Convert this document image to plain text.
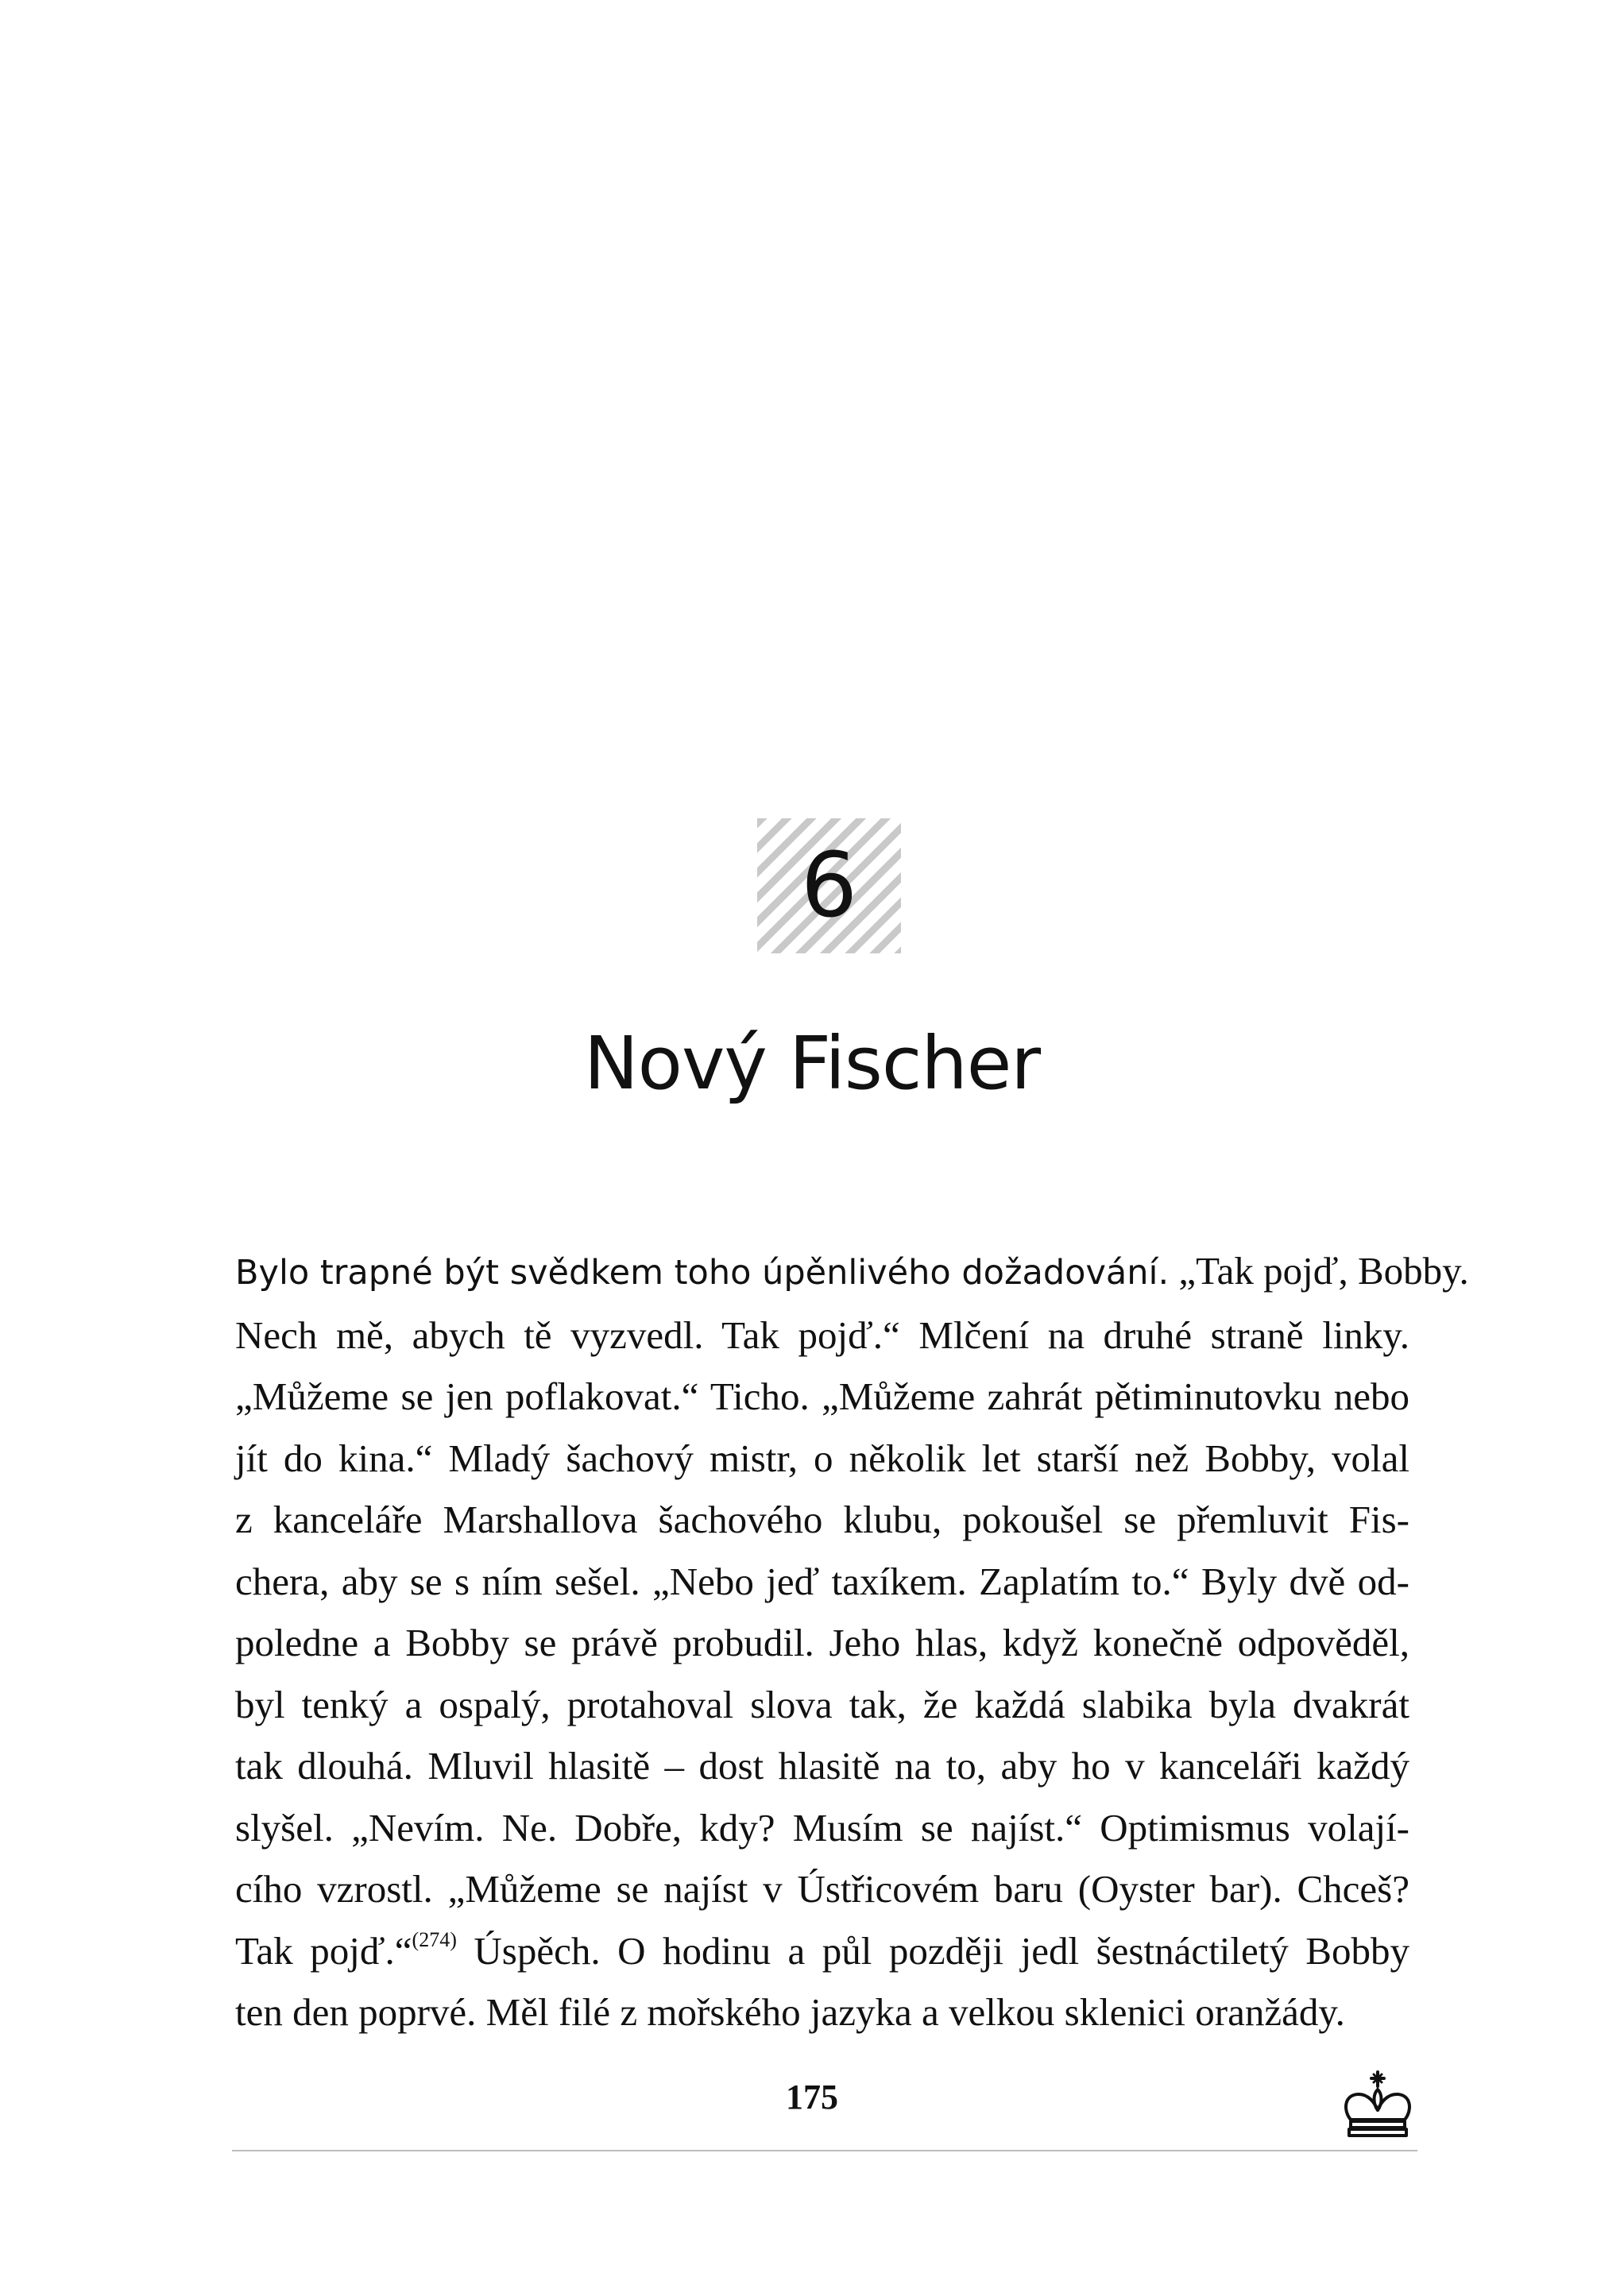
6
Nový Fischer

Bylo trapné být svědkem toho úpěnlivého dožadování. „Tak pojď, Bobby.
Nech mě, abych tě vyzvedl. Tak pojď.“ Mlčení na druhé straně linky.
„Můžeme se jen poflakovat.“ Ticho. „Můžeme zahrát pětiminutovku nebo
jít do kina.“ Mladý šachový mistr, o několik let starší než Bobby, volal
z kanceláře Marshallova šachového klubu, pokoušel se přemluvit Fis-
chera, aby se s ním sešel. „Nebo jeď taxíkem. Zaplatím to.“ Byly dvě od-
poledne a Bobby se právě probudil. Jeho hlas, když konečně odpověděl,
byl tenký a ospalý, protahoval slova tak, že každá slabika byla dvakrát
tak dlouhá. Mluvil hlasitě – dost hlasitě na to, aby ho v kanceláři každý
slyšel. „Nevím. Ne. Dobře, kdy? Musím se najíst.“ Optimismus volají-
cího vzrostl. „Můžeme se najíst v Ústřicovém baru (Oyster bar). Chceš?
Tak pojď.“$^{(274)}$ Úspěch. O hodinu a půl později jedl šestnáctiletý Bobby
ten den poprvé. Měl filé z mořského jazyka a velkou sklenici oranžády.

175
